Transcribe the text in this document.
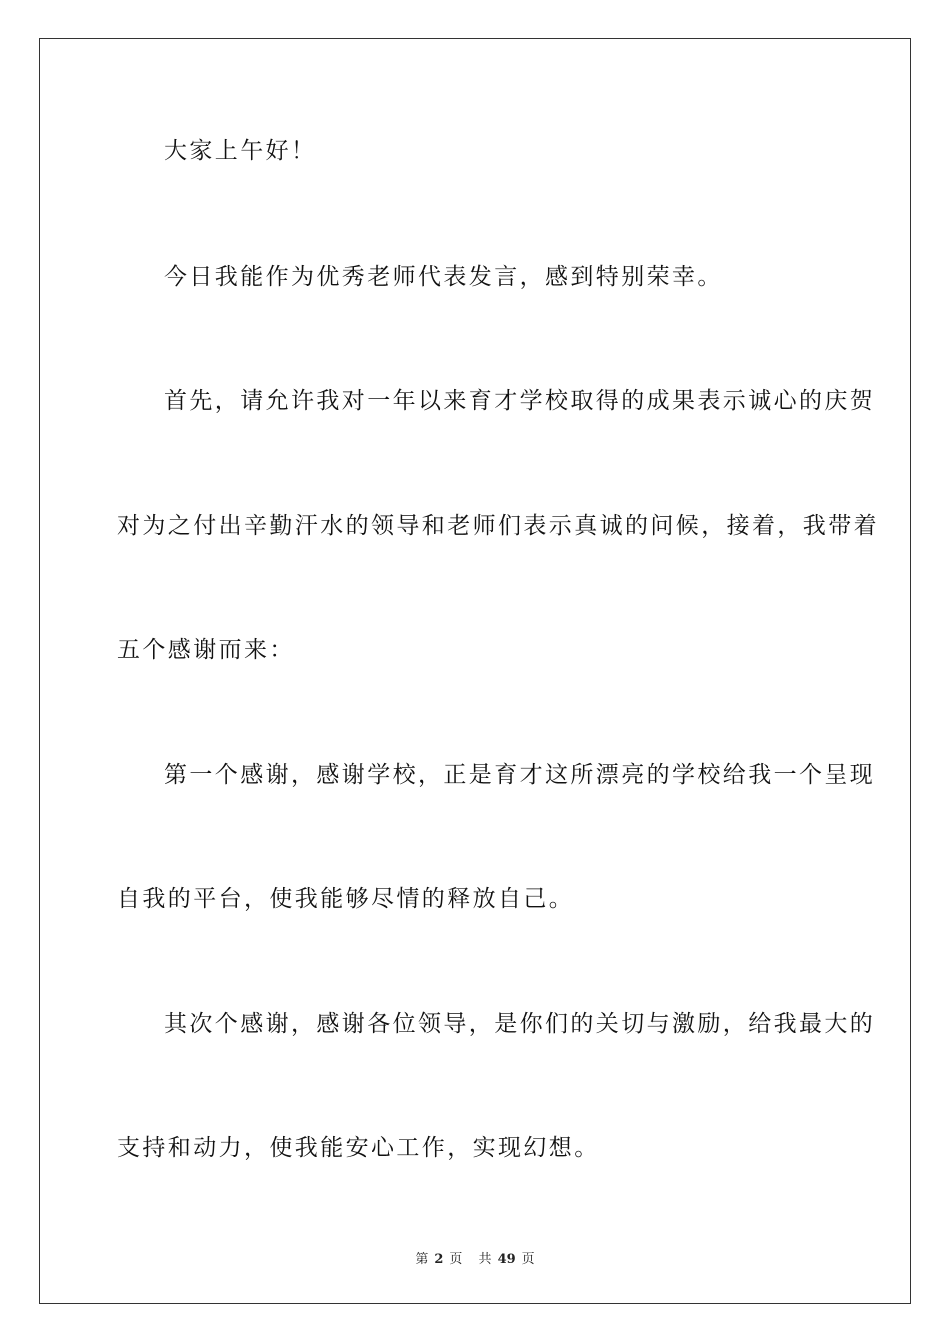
大家上午好！
今日我能作为优秀老师代表发言，感到特别荣幸。
首先，请允许我对一年以来育才学校取得的成果表示诚心的庆贺
对为之付出辛勤汗水的领导和老师们表示真诚的问候，接着，我带着
五个感谢而来：
第一个感谢，感谢学校，正是育才这所漂亮的学校给我一个呈现
自我的平台，使我能够尽情的释放自己。
其次个感谢，感谢各位领导，是你们的关切与激励，给我最大的
支持和动力，使我能安心工作，实现幻想。
第 2 页 共 49 页
